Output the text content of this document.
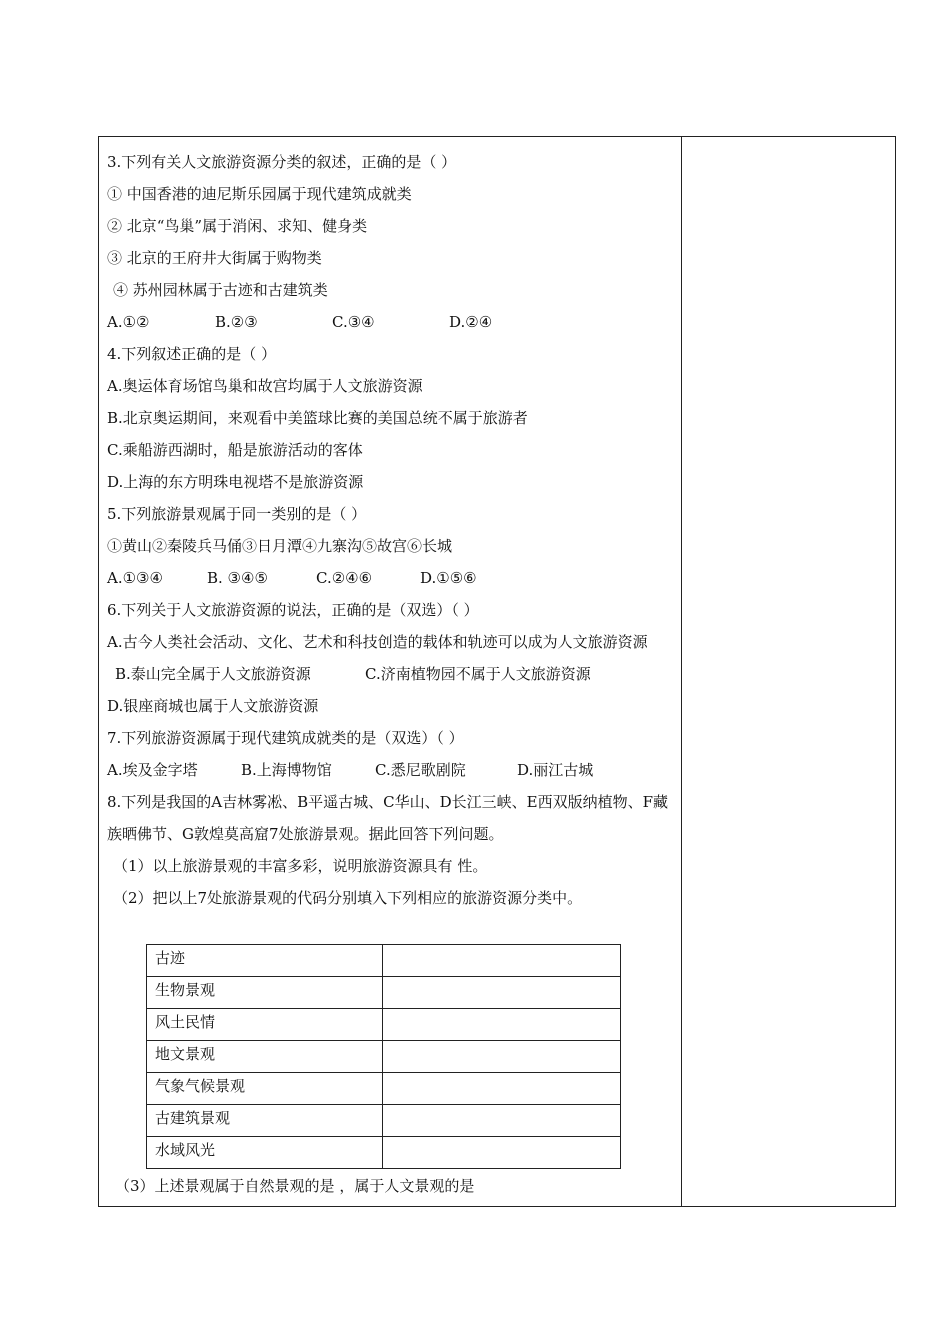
3.下列有关人文旅游资源分类的叙述，正确的是（ ）
① 中国香港的迪尼斯乐园属于现代建筑成就类
② 北京“鸟巢”属于消闲、求知、健身类
③ 北京的王府井大街属于购物类
④ 苏州园林属于古迹和古建筑类
A.①②	B.②③	C.③④	D.②④
4.下列叙述正确的是（ ）
A.奥运体育场馆鸟巢和故宫均属于人文旅游资源
B.北京奥运期间，来观看中美篮球比赛的美国总统不属于旅游者
C.乘船游西湖时，船是旅游活动的客体
D.上海的东方明珠电视塔不是旅游资源
5.下列旅游景观属于同一类别的是（ ）
①黄山②秦陵兵马俑③日月潭④九寨沟⑤故宫⑥长城
A.①③④	B. ③④⑤	C.②④⑥	D.①⑤⑥
6.下列关于人文旅游资源的说法，正确的是（双选）（ ）
A.古今人类社会活动、文化、艺术和科技创造的载体和轨迹可以成为人文旅游资源
B.泰山完全属于人文旅游资源	C.济南植物园不属于人文旅游资源
D.银座商城也属于人文旅游资源
7.下列旅游资源属于现代建筑成就类的是（双选）（ ）
A.埃及金字塔	B.上海博物馆	C.悉尼歌剧院	D.丽江古城
8.下列是我国的A吉林雾凇、B平遥古城、C华山、D长江三峡、E西双版纳植物、F藏族晒佛节、G敦煌莫高窟7处旅游景观。据此回答下列问题。
（1）以上旅游景观的丰富多彩，说明旅游资源具有 性。
（2）把以上7处旅游景观的代码分别填入下列相应的旅游资源分类中。
古迹	
生物景观	
风土民情	
地文景观	
气象气候景观	
古建筑景观	
水域风光	
（3）上述景观属于自然景观的是 ，属于人文景观的是
